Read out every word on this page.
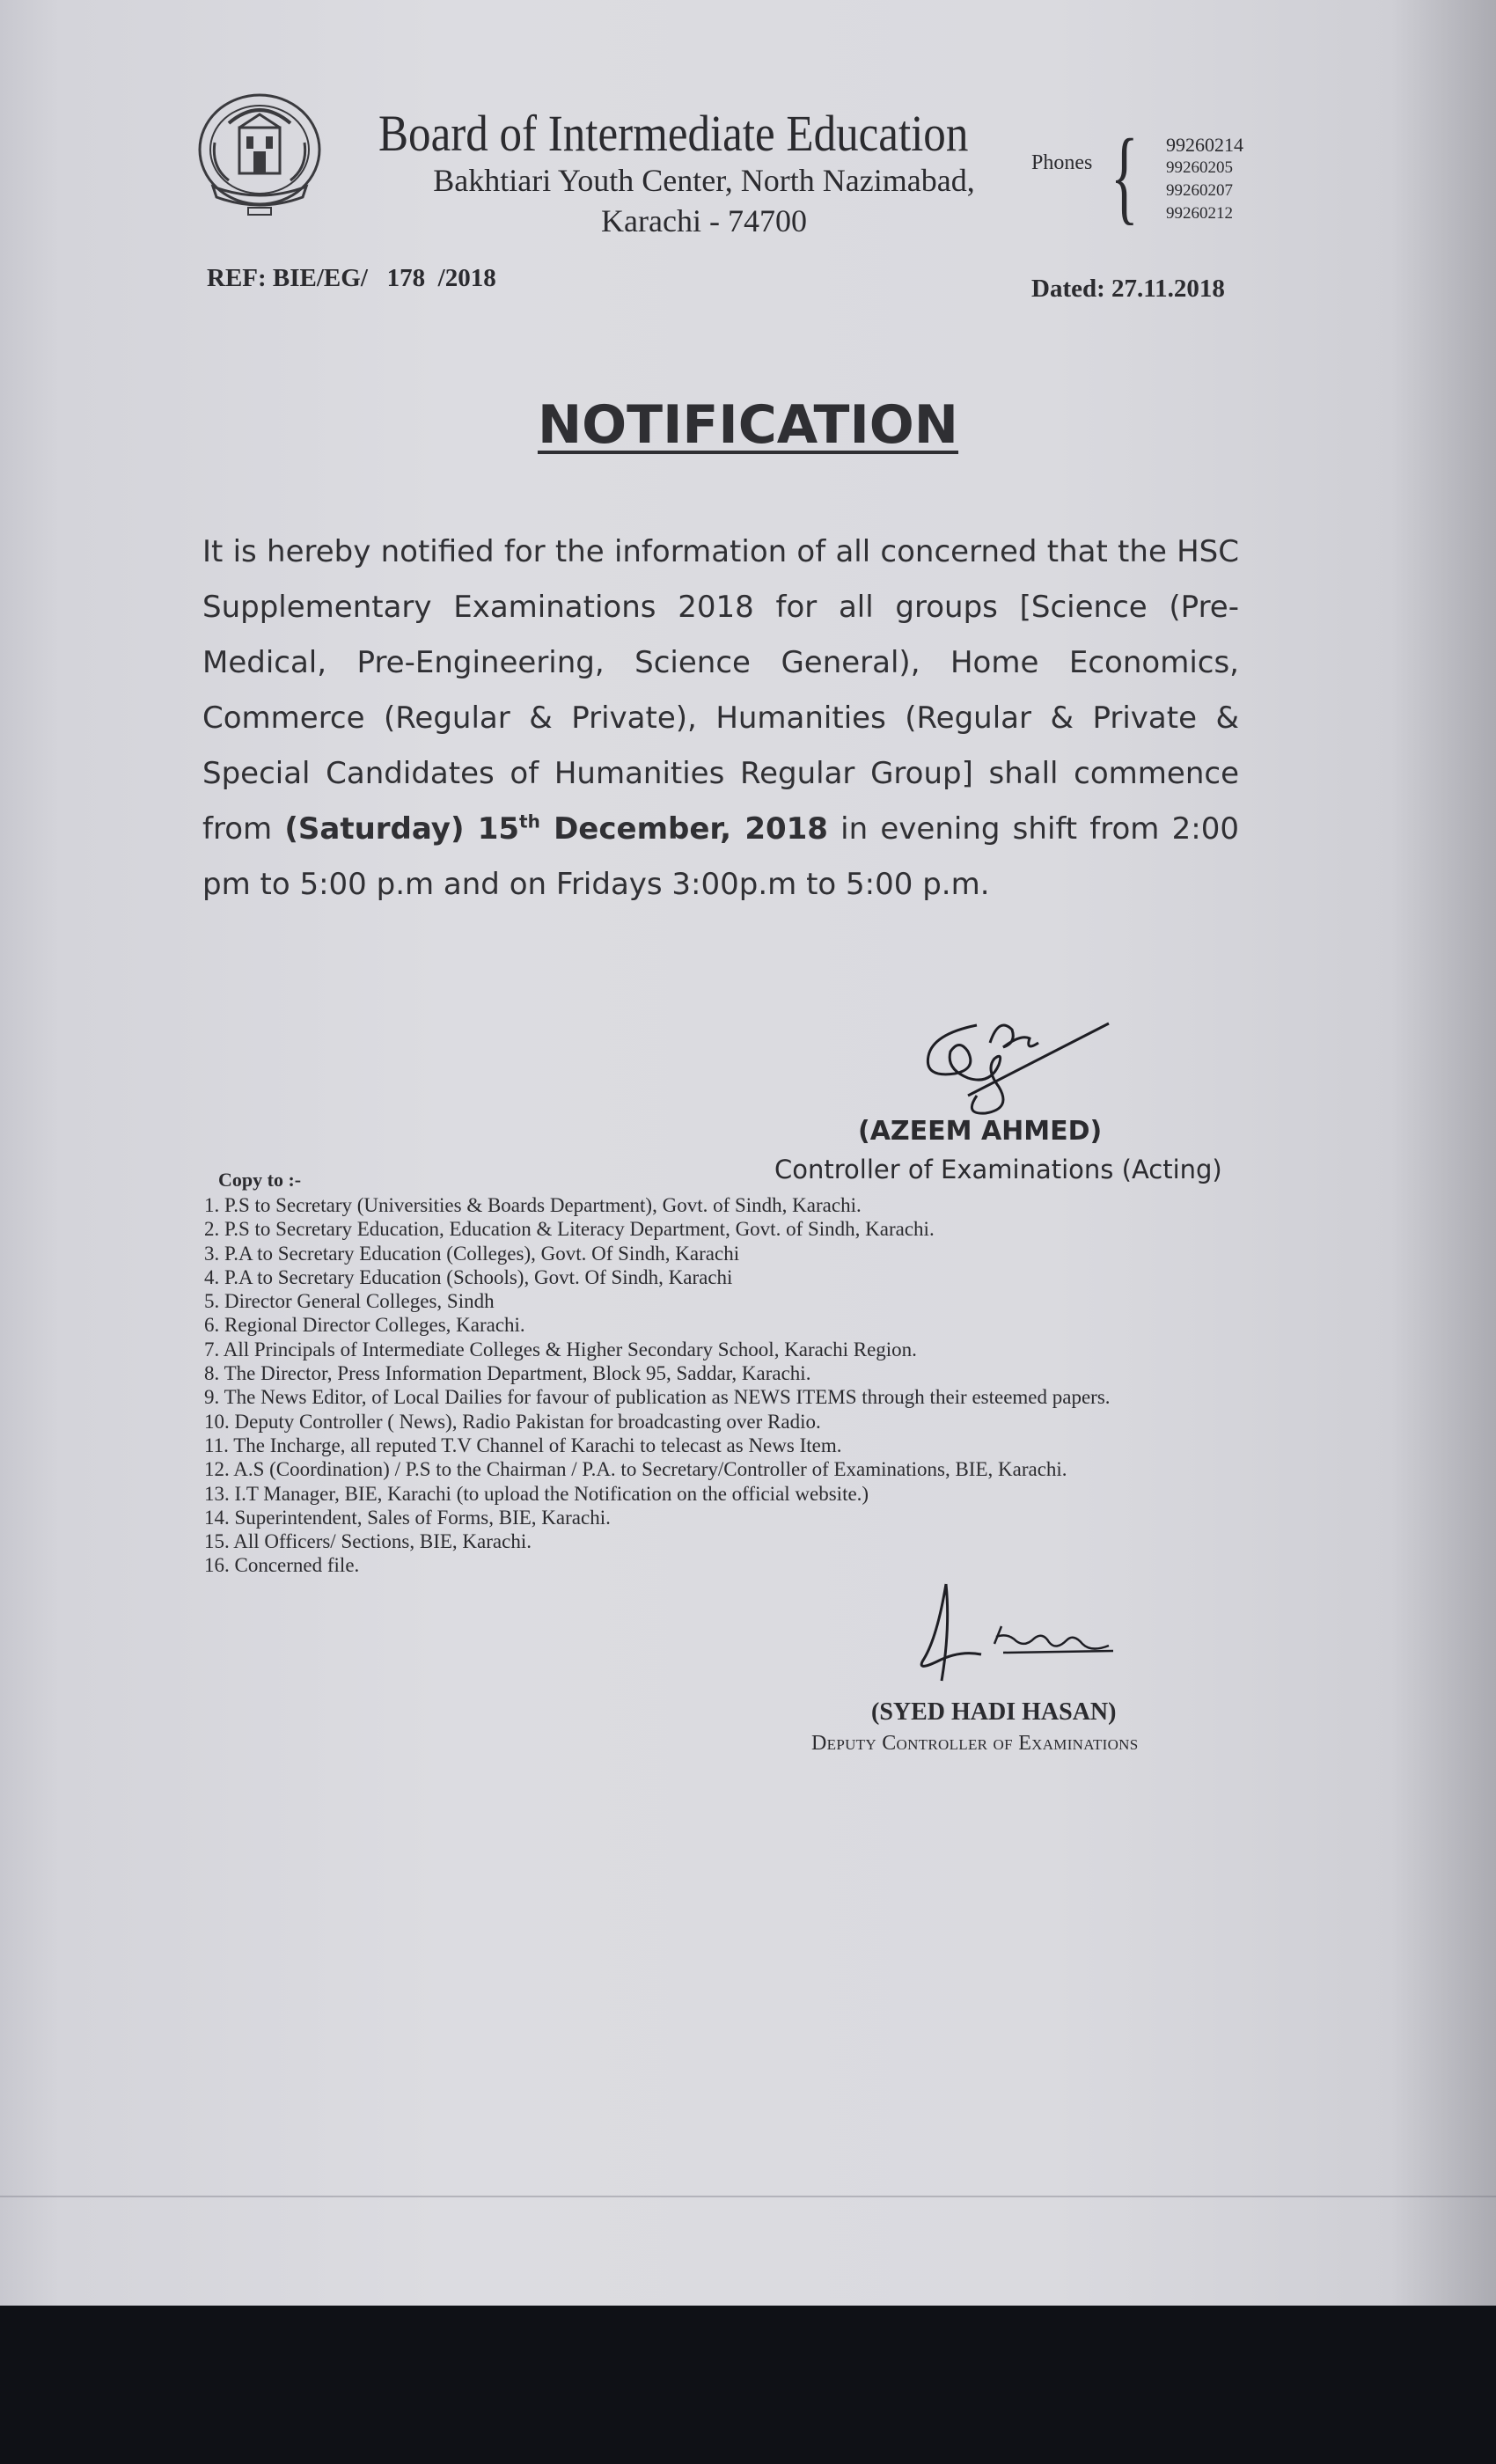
Board of Intermediate Education
Bakhtiari Youth Center, North Nazimabad,
Karachi - 74700
Phones { 99260214
99260205
99260207
99260212
REF: BIE/EG/   178  /2018	Dated: 27.11.2018
NOTIFICATION
It is hereby notified for the information of all concerned that the HSC Supplementary Examinations 2018 for all groups [Science (Pre-Medical, Pre-Engineering, Science General), Home Economics, Commerce (Regular & Private), Humanities (Regular & Private & Special Candidates of Humanities Regular Group] shall commence from (Saturday) 15th December, 2018 in evening shift from 2:00 pm to 5:00 p.m and on Fridays 3:00p.m to 5:00 p.m.
(AZEEM AHMED)
Controller of Examinations (Acting)
Copy to :-
1. P.S to Secretary (Universities & Boards Department), Govt. of Sindh, Karachi.
2. P.S to Secretary Education, Education & Literacy Department, Govt. of Sindh, Karachi.
3. P.A to Secretary Education (Colleges), Govt. Of Sindh, Karachi
4. P.A to Secretary Education (Schools), Govt. Of Sindh, Karachi
5. Director General Colleges, Sindh
6. Regional Director Colleges, Karachi.
7. All Principals of Intermediate Colleges & Higher Secondary School, Karachi Region.
8. The Director, Press Information Department, Block 95, Saddar, Karachi.
9. The News Editor, of Local Dailies for favour of publication as NEWS ITEMS through their esteemed papers.
10. Deputy Controller ( News), Radio Pakistan for broadcasting over Radio.
11. The Incharge, all reputed T.V Channel of Karachi to telecast as News Item.
12. A.S (Coordination) / P.S to the Chairman / P.A. to Secretary/Controller of Examinations, BIE, Karachi.
13. I.T Manager, BIE, Karachi (to upload the Notification on the official website.)
14. Superintendent, Sales of Forms, BIE, Karachi.
15. All Officers/ Sections, BIE, Karachi.
16. Concerned file.
(SYED HADI HASAN)
Deputy Controller of Examinations
